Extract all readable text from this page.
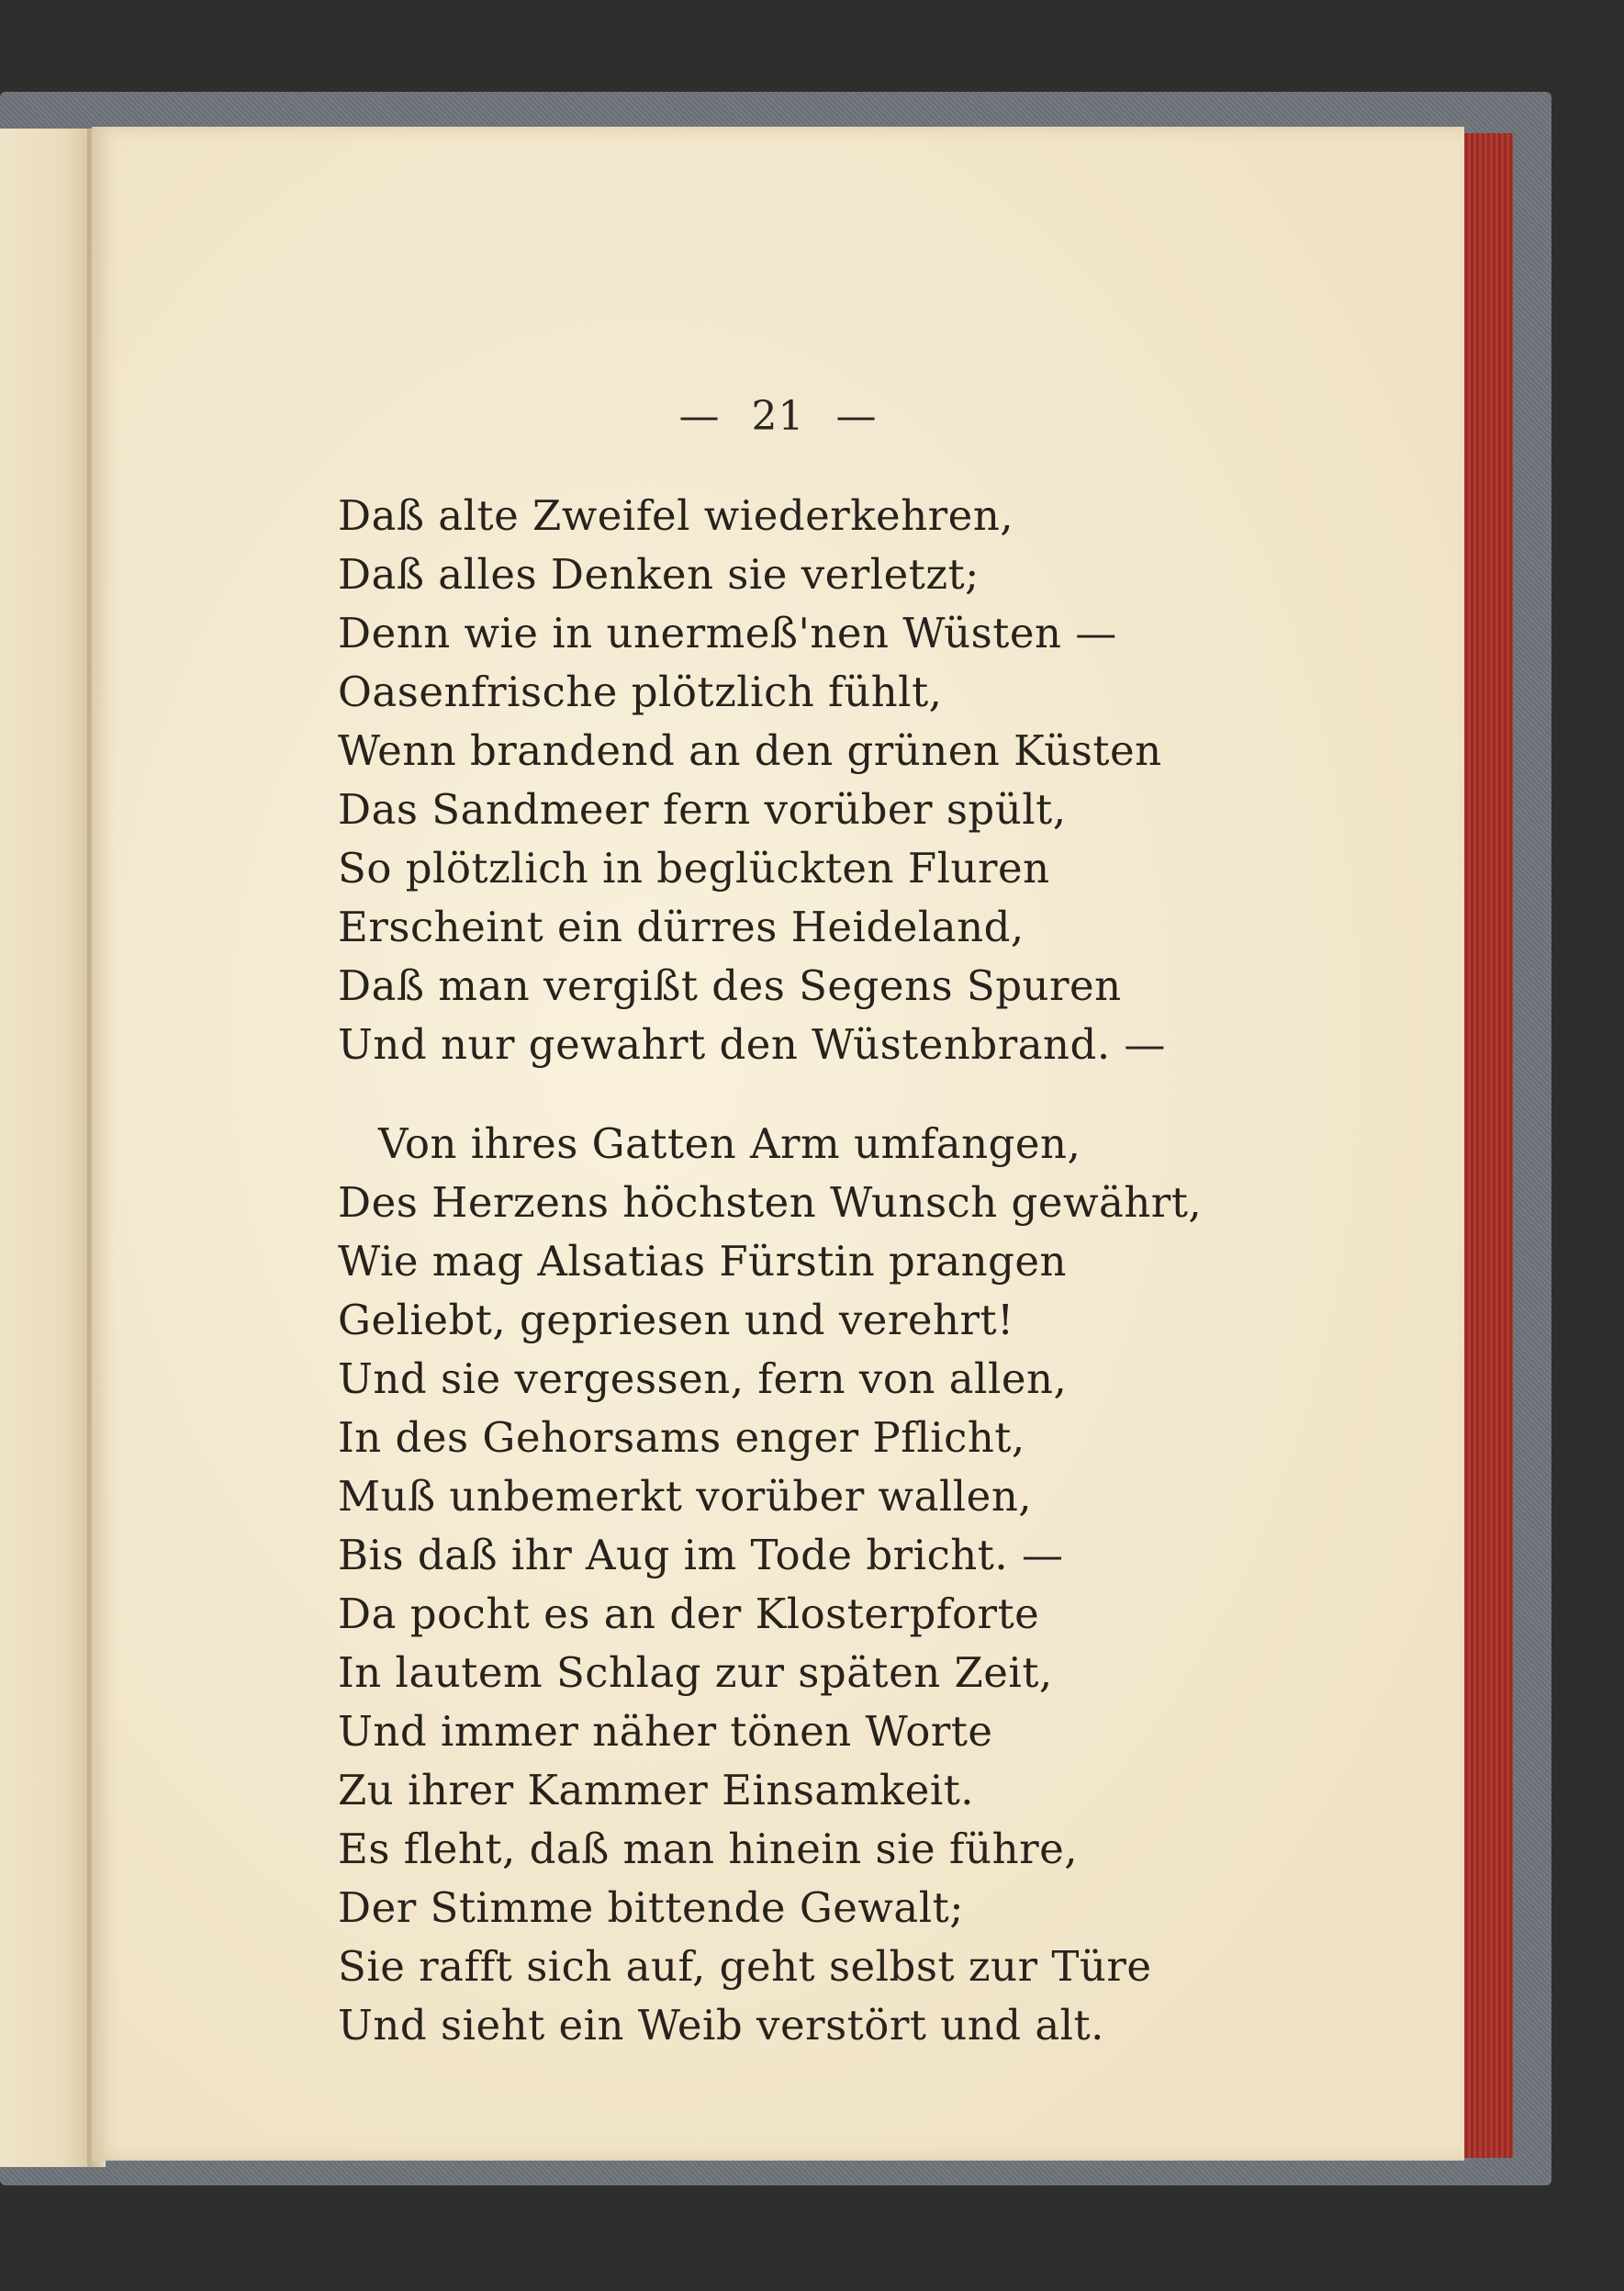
— 21 —
Daß alte Zweifel wiederkehren,
Daß alles Denken sie verletzt;
Denn wie in unermeß'nen Wüsten —
Oasenfrische plötzlich fühlt,
Wenn brandend an den grünen Küsten
Das Sandmeer fern vorüber spült,
So plötzlich in beglückten Fluren
Erscheint ein dürres Heideland,
Daß man vergißt des Segens Spuren
Und nur gewahrt den Wüstenbrand. —
Von ihres Gatten Arm umfangen,
Des Herzens höchsten Wunsch gewährt,
Wie mag Alsatias Fürstin prangen
Geliebt, gepriesen und verehrt!
Und sie vergessen, fern von allen,
In des Gehorsams enger Pflicht,
Muß unbemerkt vorüber wallen,
Bis daß ihr Aug im Tode bricht. —
Da pocht es an der Klosterpforte
In lautem Schlag zur späten Zeit,
Und immer näher tönen Worte
Zu ihrer Kammer Einsamkeit.
Es fleht, daß man hinein sie führe,
Der Stimme bittende Gewalt;
Sie rafft sich auf, geht selbst zur Türe
Und sieht ein Weib verstört und alt.
